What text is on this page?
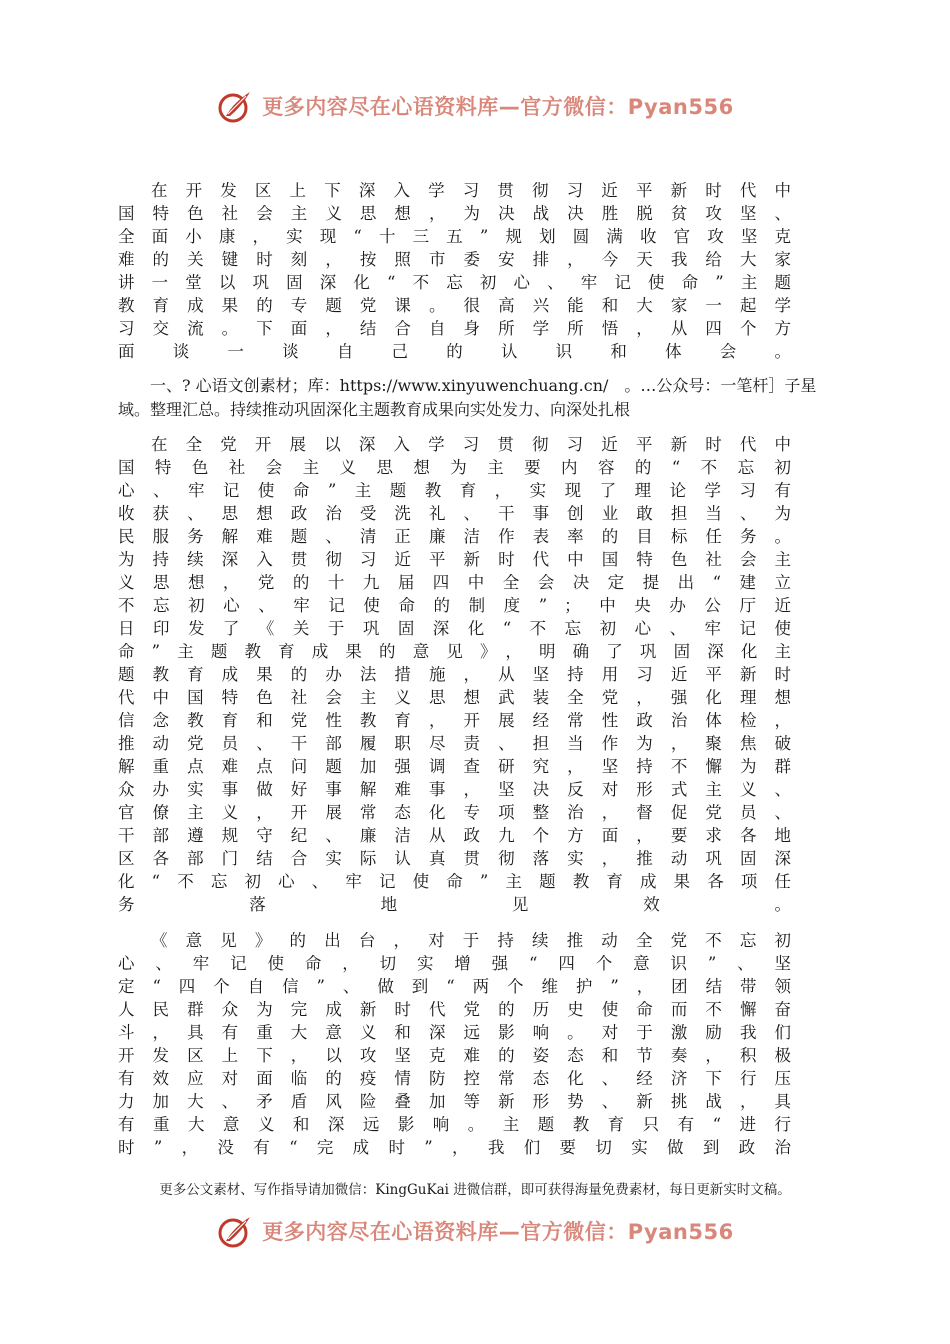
更多内容尽在心语资料库—官方微信：Pyan556

在开发区上下深入学习贯彻习近平新时代中国特色社会主义思想，为决战决胜脱贫攻坚、全面小康，实现“十三五”规划圆满收官攻坚克难的关键时刻，按照市委安排，今天我给大家讲一堂以巩固深化“不忘初心、牢记使命”主题教育成果的专题党课。很高兴能和大家一起学习交流。下面，结合自身所学所悟，从四个方面谈一谈自己的认识和体会。

一、? 心语文创素材；库：https://www.xinyuwenchuang.cn/　。…公众号：一笔杆］子星域。整理汇总。持续推动巩固深化主题教育成果向实处发力、向深处扎根

在全党开展以深入学习贯彻习近平新时代中国特色社会主义思想为主要内容的“不忘初心、牢记使命”主题教育，实现了理论学习有收获、思想政治受洗礼、干事创业敢担当、为民服务解难题、清正廉洁作表率的目标任务。为持续深入贯彻习近平新时代中国特色社会主义思想，党的十九届四中全会决定提出“建立不忘初心、牢记使命的制度”；中央办公厅近日印发了《关于巩固深化“不忘初心、牢记使命”主题教育成果的意见》，明确了巩固深化主题教育成果的办法措施，从坚持用习近平新时代中国特色社会主义思想武装全党，强化理想信念教育和党性教育，开展经常性政治体检，推动党员、干部履职尽责、担当作为，聚焦破解重点难点问题加强调查研究，坚持不懈为群众办实事做好事解难事，坚决反对形式主义、官僚主义，开展常态化专项整治，督促党员、干部遵规守纪、廉洁从政九个方面，要求各地区各部门结合实际认真贯彻落实，推动巩固深化“不忘初心、牢记使命”主题教育成果各项任务落地见效。

《意见》的出台，对于持续推动全党不忘初心、牢记使命，切实增强“四个意识”、坚定“四个自信”、做到“两个维护”，团结带领人民群众为完成新时代党的历史使命而不懈奋斗，具有重大意义和深远影响。对于激励我们开发区上下，以攻坚克难的姿态和节奏，积极有效应对面临的疫情防控常态化、经济下行压力加大、矛盾风险叠加等新形势、新挑战，具有重大意义和深远影响。主题教育只有“进行时”，没有“完成时”，我们要切实做到政治

更多公文素材、写作指导请加微信：KingGuKai 进微信群，即可获得海量免费素材，每日更新实时文稿。

更多内容尽在心语资料库—官方微信：Pyan556
